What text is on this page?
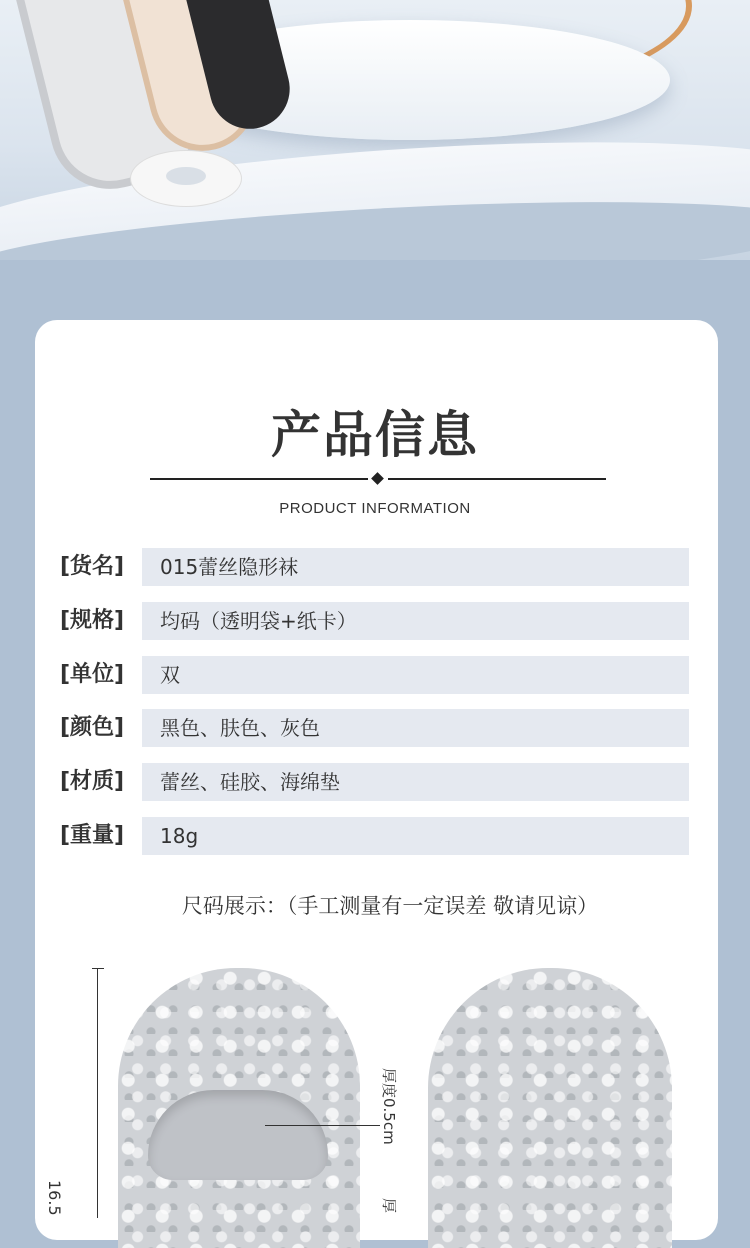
产品信息
PRODUCT INFORMATION
[货名]	015蕾丝隐形袜
[规格]	均码（透明袋+纸卡）
[单位]	双
[颜色]	黑色、肤色、灰色
[材质]	蕾丝、硅胶、海绵垫
[重量]	18g
尺码展示：（手工测量有一定误差 敬请见谅）
16.5
厚度0.5cm
厚
